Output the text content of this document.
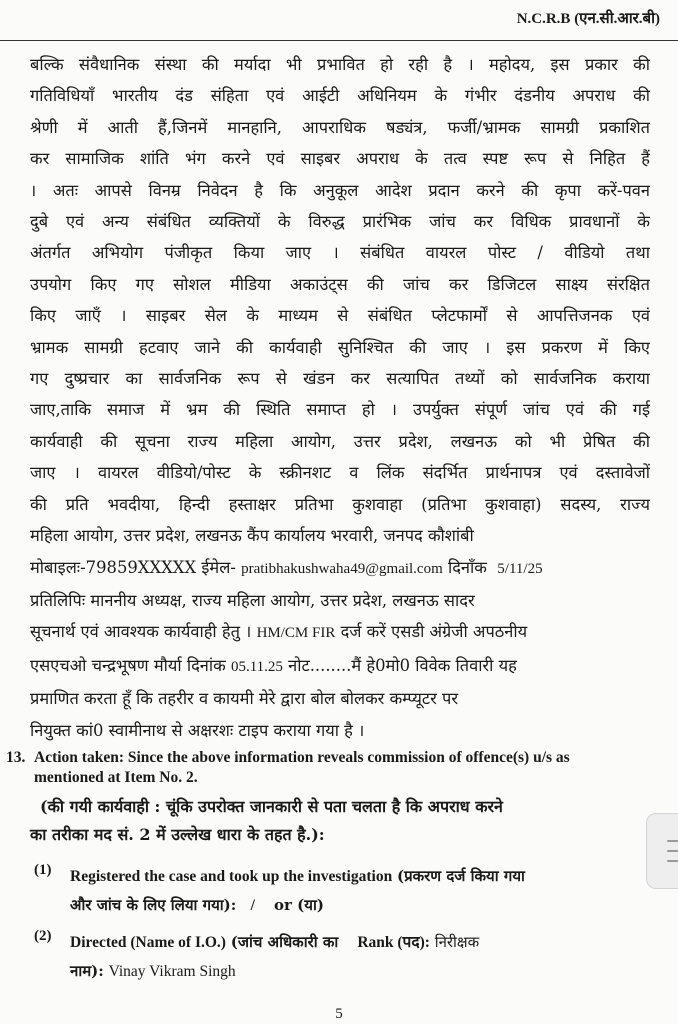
N.C.R.B (एन.सी.आर.बी)
बल्कि संवैधानिक संस्था की मर्यादा भी प्रभावित हो रही है । महोदय, इस प्रकार की
गतिविधियाँ भारतीय दंड संहिता एवं आईटी अधिनियम के गंभीर दंडनीय अपराध की
श्रेणी में आती हैं,जिनमें मानहानि, आपराधिक षड्यंत्र, फर्जी/भ्रामक सामग्री प्रकाशित
कर सामाजिक शांति भंग करने एवं साइबर अपराध के तत्व स्पष्ट रूप से निहित हैं
। अतः आपसे विनम्र निवेदन है कि अनुकूल आदेश प्रदान करने की कृपा करें-पवन
दुबे एवं अन्य संबंधित व्यक्तियों के विरुद्ध प्रारंभिक जांच कर विधिक प्रावधानों के
अंतर्गत अभियोग पंजीकृत किया जाए । संबंधित वायरल पोस्ट / वीडियो तथा
उपयोग किए गए सोशल मीडिया अकाउंट्स की जांच कर डिजिटल साक्ष्य संरक्षित
किए जाएँ । साइबर सेल के माध्यम से संबंधित प्लेटफार्मों से आपत्तिजनक एवं
भ्रामक सामग्री हटवाए जाने की कार्यवाही सुनिश्चित की जाए । इस प्रकरण में किए
गए दुष्प्रचार का सार्वजनिक रूप से खंडन कर सत्यापित तथ्यों को सार्वजनिक कराया
जाए,ताकि समाज में भ्रम की स्थिति समाप्त हो । उपर्युक्त संपूर्ण जांच एवं की गई
कार्यवाही की सूचना राज्य महिला आयोग, उत्तर प्रदेश, लखनऊ को भी प्रेषित की
जाए । वायरल वीडियो/पोस्ट के स्क्रीनशट व लिंक संदर्भित प्रार्थनापत्र एवं दस्तावेजों
की प्रति भवदीया, हिन्दी हस्ताक्षर प्रतिभा कुशवाहा (प्रतिभा कुशवाहा) सदस्य, राज्य
महिला आयोग, उत्तर प्रदेश, लखनऊ कैंप कार्यालय भरवारी, जनपद कौशांबी
मोबाइलः-79859XXXXX ईमेल- pratibhakushwaha49@gmail.com दिनाँक 5/11/25
प्रतिलिपिः माननीय अध्यक्ष, राज्य महिला आयोग, उत्तर प्रदेश, लखनऊ सादर
सूचनार्थ एवं आवश्यक कार्यवाही हेतु । HM/CM FIR दर्ज करें एसडी अंग्रेजी अपठनीय
एसएचओ चन्द्रभूषण मौर्या दिनांक 05.11.25 नोट........मैं हे0मो0 विवेक तिवारी यह
प्रमाणित करता हूँ कि तहरीर व कायमी मेरे द्वारा बोल बोलकर कम्प्यूटर पर
नियुक्त कां0 स्वामीनाथ से अक्षरशः टाइप कराया गया है ।
13. Action taken: Since the above information reveals commission of offence(s) u/s as mentioned at Item No. 2.
(की गयी कार्यवाही : चूंकि उपरोक्त जानकारी से पता चलता है कि अपराध करने
का तरीका मद सं. 2 में उल्लेख धारा के तहत है.):
(1) Registered the case and took up the investigation (प्रकरण दर्ज किया गया
और जांच के लिए लिया गया): / or (या)
(2) Directed (Name of I.O.) (जांच अधिकारी का Rank (पद): निरीक्षक
नाम): Vinay Vikram Singh
5
